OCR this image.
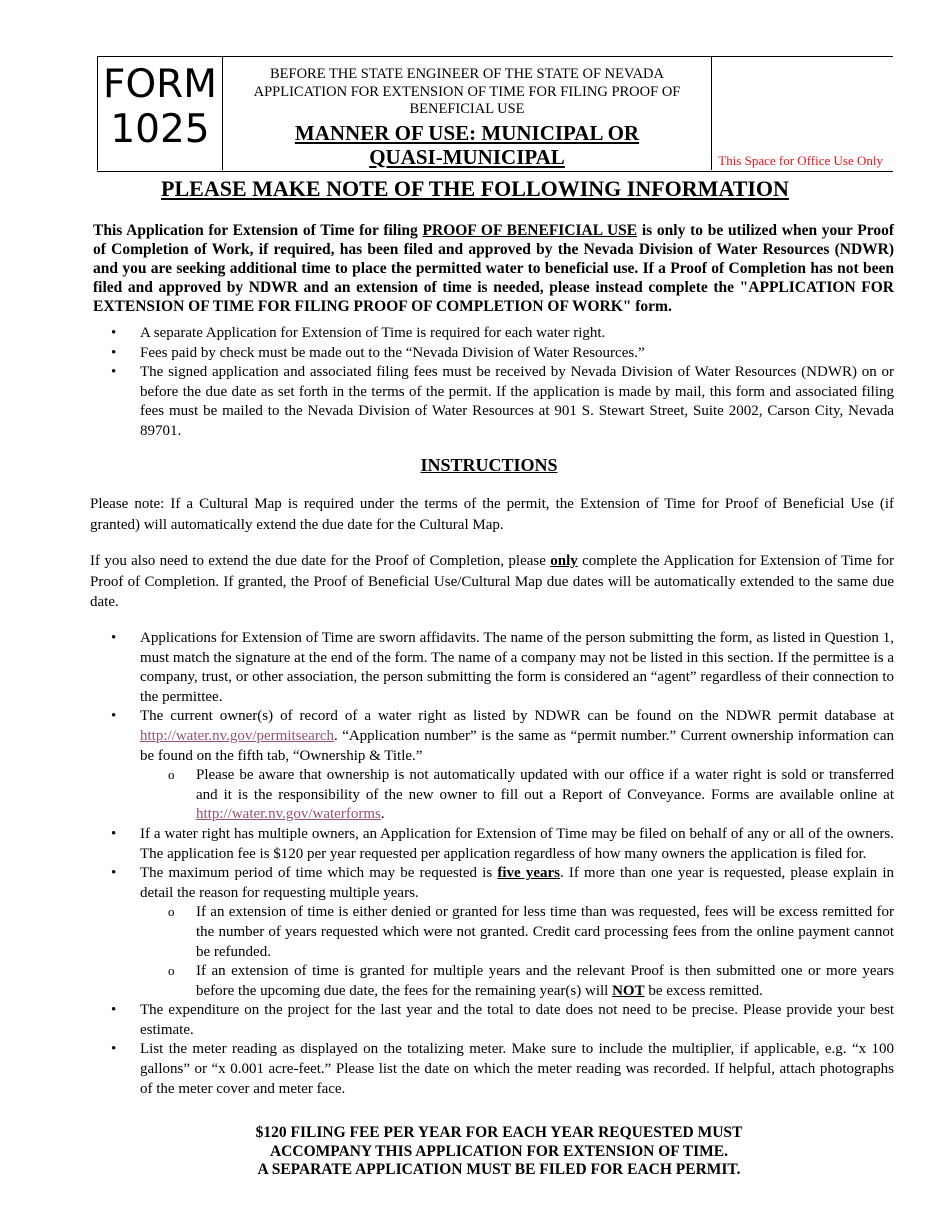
FORM
1025
BEFORE THE STATE ENGINEER OF THE STATE OF NEVADA
APPLICATION FOR EXTENSION OF TIME FOR FILING PROOF OF
BENEFICIAL USE
MANNER OF USE: MUNICIPAL OR
QUASI-MUNICIPAL	This Space for Office Use Only
PLEASE MAKE NOTE OF THE FOLLOWING INFORMATION

This Application for Extension of Time for filing PROOF OF BENEFICIAL USE is only to be utilized when your Proof of Completion of Work, if required, has been filed and approved by the Nevada Division of Water Resources (NDWR) and you are seeking additional time to place the permitted water to beneficial use. If a Proof of Completion has not been filed and approved by NDWR and an extension of time is needed, please instead complete the "APPLICATION FOR EXTENSION OF TIME FOR FILING PROOF OF COMPLETION OF WORK" form.

• A separate Application for Extension of Time is required for each water right.
• Fees paid by check must be made out to the “Nevada Division of Water Resources.”
• The signed application and associated filing fees must be received by Nevada Division of Water Resources (NDWR) on or before the due date as set forth in the terms of the permit. If the application is made by mail, this form and associated filing fees must be mailed to the Nevada Division of Water Resources at 901 S. Stewart Street, Suite 2002, Carson City, Nevada 89701.
INSTRUCTIONS

Please note: If a Cultural Map is required under the terms of the permit, the Extension of Time for Proof of Beneficial Use (if granted) will automatically extend the due date for the Cultural Map.

If you also need to extend the due date for the Proof of Completion, please only complete the Application for Extension of Time for Proof of Completion. If granted, the Proof of Beneficial Use/Cultural Map due dates will be automatically extended to the same due date.

• Applications for Extension of Time are sworn affidavits. The name of the person submitting the form, as listed in Question 1, must match the signature at the end of the form. The name of a company may not be listed in this section. If the permittee is a company, trust, or other association, the person submitting the form is considered an “agent” regardless of their connection to the permittee.
• The current owner(s) of record of a water right as listed by NDWR can be found on the NDWR permit database at http://water.nv.gov/permitsearch. “Application number” is the same as “permit number.” Current ownership information can be found on the fifth tab, “Ownership & Title.”
o Please be aware that ownership is not automatically updated with our office if a water right is sold or transferred and it is the responsibility of the new owner to fill out a Report of Conveyance. Forms are available online at http://water.nv.gov/waterforms.
• If a water right has multiple owners, an Application for Extension of Time may be filed on behalf of any or all of the owners. The application fee is $120 per year requested per application regardless of how many owners the application is filed for.
• The maximum period of time which may be requested is five years. If more than one year is requested, please explain in detail the reason for requesting multiple years.
o If an extension of time is either denied or granted for less time than was requested, fees will be excess remitted for the number of years requested which were not granted. Credit card processing fees from the online payment cannot be refunded.
o If an extension of time is granted for multiple years and the relevant Proof is then submitted one or more years before the upcoming due date, the fees for the remaining year(s) will NOT be excess remitted.
• The expenditure on the project for the last year and the total to date does not need to be precise. Please provide your best estimate.
• List the meter reading as displayed on the totalizing meter. Make sure to include the multiplier, if applicable, e.g. “x 100 gallons” or “x 0.001 acre-feet.” Please list the date on which the meter reading was recorded. If helpful, attach photographs of the meter cover and meter face.
$120 FILING FEE PER YEAR FOR EACH YEAR REQUESTED MUST
ACCOMPANY THIS APPLICATION FOR EXTENSION OF TIME.
A SEPARATE APPLICATION MUST BE FILED FOR EACH PERMIT.
